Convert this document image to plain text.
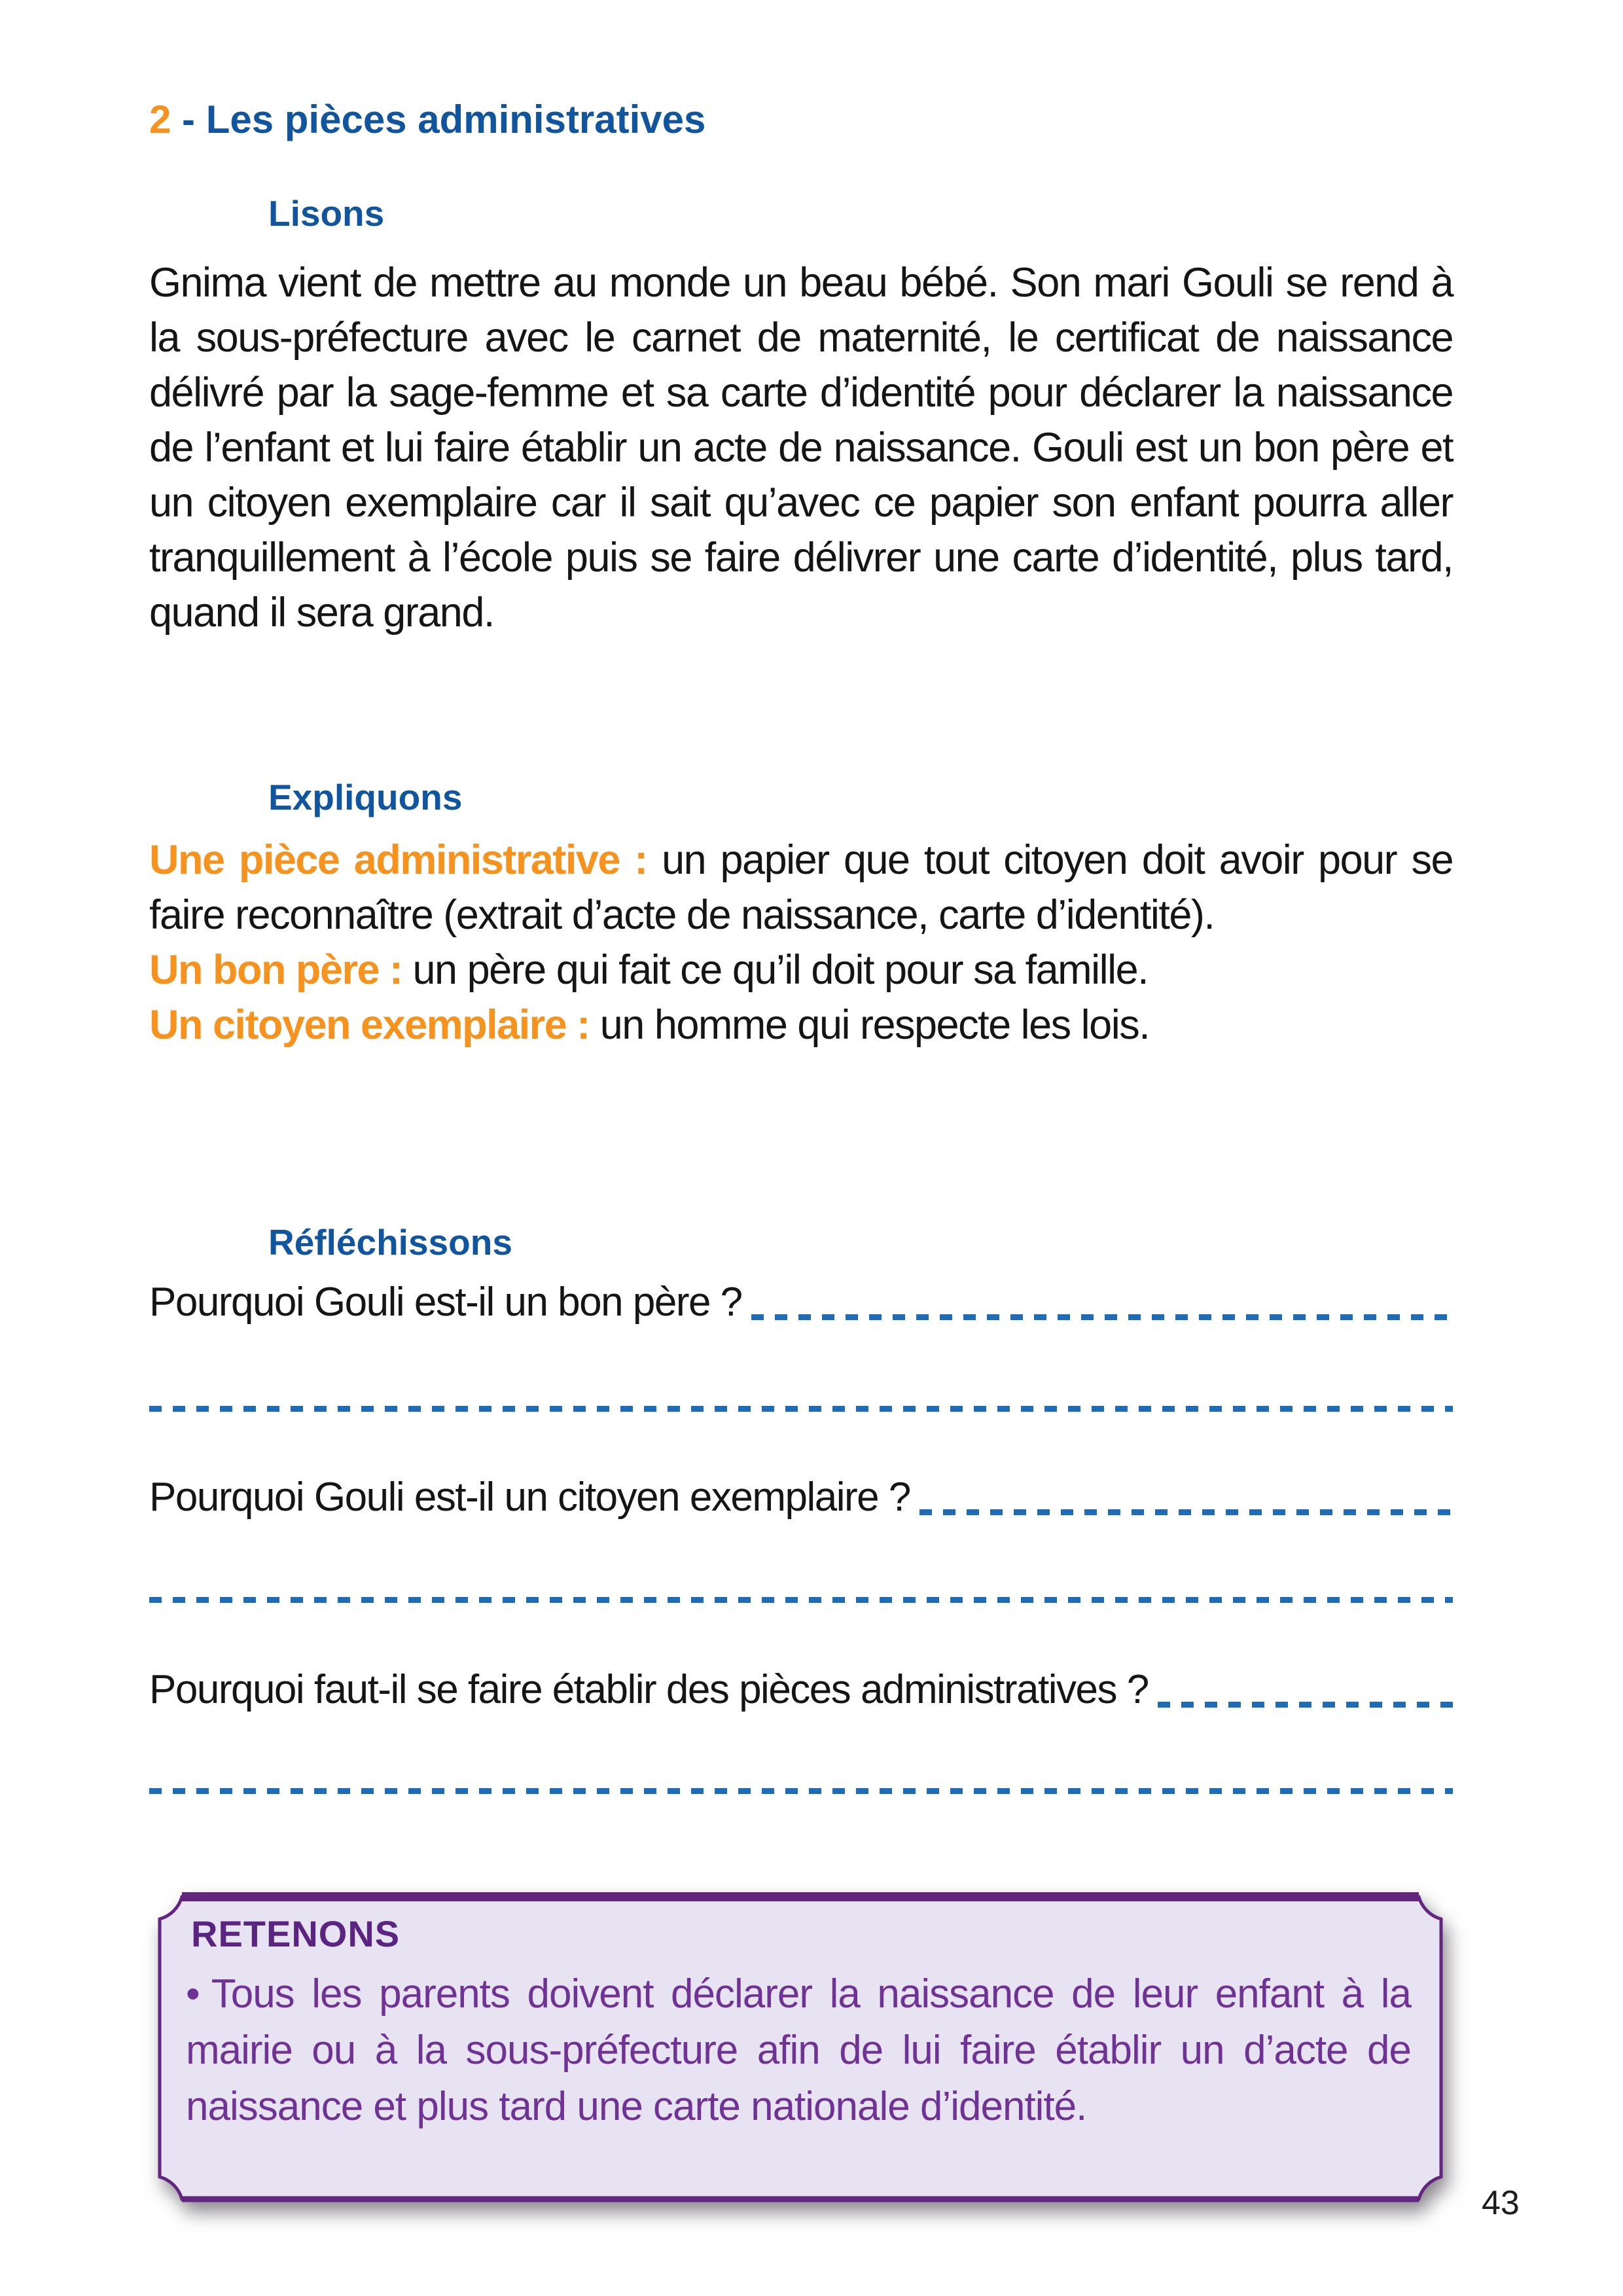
2 - Les pièces administratives
Lisons
Gnima vient de mettre au monde un beau bébé. Son mari Gouli se rend à la sous-préfecture avec le carnet de maternité, le certificat de naissance délivré par la sage-femme et sa carte d’identité pour déclarer la naissance de l’enfant et lui faire établir un acte de naissance. Gouli est un bon père et un citoyen exemplaire car il sait qu’avec ce papier son enfant pourra aller tranquillement à l’école puis se faire délivrer une carte d’identité, plus tard, quand il sera grand.
Expliquons

Une pièce administrative : un papier que tout citoyen doit avoir pour se faire reconnaître (extrait d’acte de naissance, carte d’identité).

Un bon père : un père qui fait ce qu’il doit pour sa famille.

Un citoyen exemplaire : un homme qui respecte les lois.

Réfléchissons
Pourquoi Gouli est-il un bon père ?
Pourquoi Gouli est-il un citoyen exemplaire ?
Pourquoi faut-il se faire établir des pièces administratives ?
RETENONS
• Tous les parents doivent déclarer la naissance de leur enfant à la mairie ou à la sous-préfecture afin de lui faire établir un d’acte de naissance et plus tard une carte nationale d’identité.
43
